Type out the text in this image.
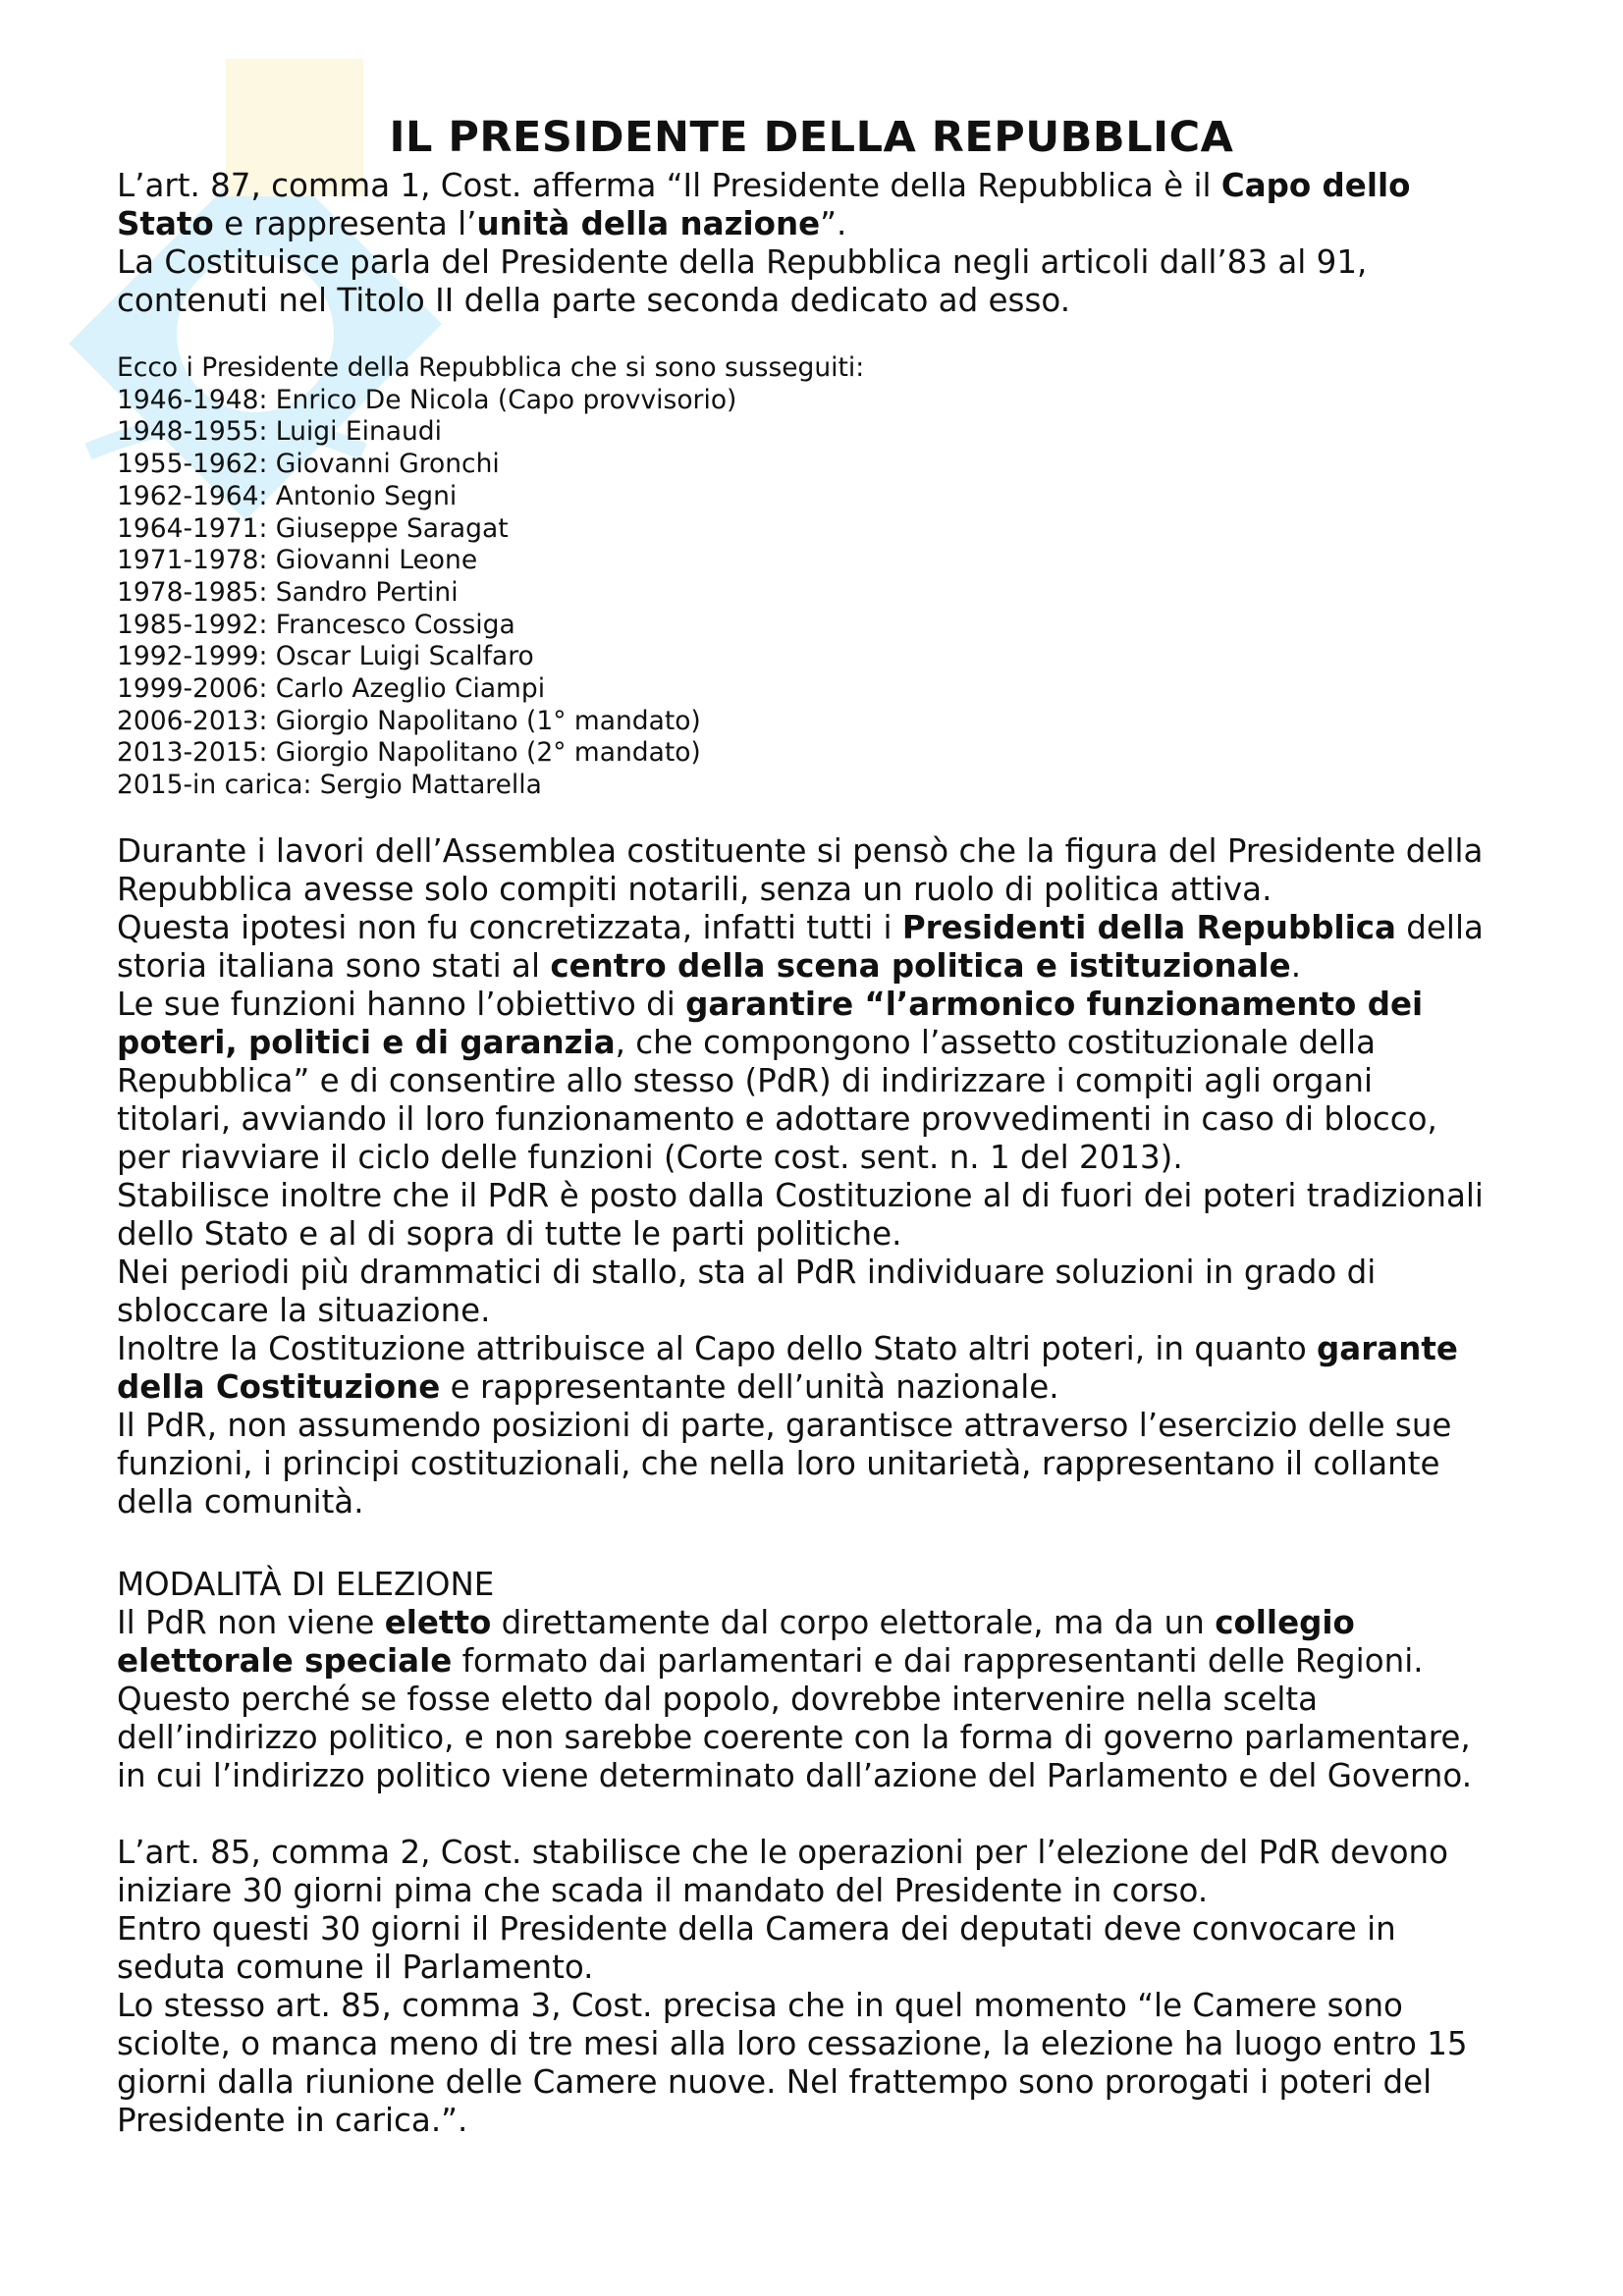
IL PRESIDENTE DELLA REPUBBLICA
L’art. 87, comma 1, Cost. afferma “Il Presidente della Repubblica è il Capo dello
Stato e rappresenta l’unità della nazione”.
La Costituisce parla del Presidente della Repubblica negli articoli dall’83 al 91,
contenuti nel Titolo II della parte seconda dedicato ad esso.
Ecco i Presidente della Repubblica che si sono susseguiti:
1946-1948: Enrico De Nicola (Capo provvisorio)
1948-1955: Luigi Einaudi
1955-1962: Giovanni Gronchi
1962-1964: Antonio Segni
1964-1971: Giuseppe Saragat
1971-1978: Giovanni Leone
1978-1985: Sandro Pertini
1985-1992: Francesco Cossiga
1992-1999: Oscar Luigi Scalfaro
1999-2006: Carlo Azeglio Ciampi
2006-2013: Giorgio Napolitano (1° mandato)
2013-2015: Giorgio Napolitano (2° mandato)
2015-in carica: Sergio Mattarella
Durante i lavori dell’Assemblea costituente si pensò che la figura del Presidente della
Repubblica avesse solo compiti notarili, senza un ruolo di politica attiva.
Questa ipotesi non fu concretizzata, infatti tutti i Presidenti della Repubblica della
storia italiana sono stati al centro della scena politica e istituzionale.
Le sue funzioni hanno l’obiettivo di garantire “l’armonico funzionamento dei
poteri, politici e di garanzia, che compongono l’assetto costituzionale della
Repubblica” e di consentire allo stesso (PdR) di indirizzare i compiti agli organi
titolari, avviando il loro funzionamento e adottare provvedimenti in caso di blocco,
per riavviare il ciclo delle funzioni (Corte cost. sent. n. 1 del 2013).
Stabilisce inoltre che il PdR è posto dalla Costituzione al di fuori dei poteri tradizionali
dello Stato e al di sopra di tutte le parti politiche.
Nei periodi più drammatici di stallo, sta al PdR individuare soluzioni in grado di
sbloccare la situazione.
Inoltre la Costituzione attribuisce al Capo dello Stato altri poteri, in quanto garante
della Costituzione e rappresentante dell’unità nazionale.
Il PdR, non assumendo posizioni di parte, garantisce attraverso l’esercizio delle sue
funzioni, i principi costituzionali, che nella loro unitarietà, rappresentano il collante
della comunità.
MODALITÀ DI ELEZIONE
Il PdR non viene eletto direttamente dal corpo elettorale, ma da un collegio
elettorale speciale formato dai parlamentari e dai rappresentanti delle Regioni.
Questo perché se fosse eletto dal popolo, dovrebbe intervenire nella scelta
dell’indirizzo politico, e non sarebbe coerente con la forma di governo parlamentare,
in cui l’indirizzo politico viene determinato dall’azione del Parlamento e del Governo.
L’art. 85, comma 2, Cost. stabilisce che le operazioni per l’elezione del PdR devono
iniziare 30 giorni pima che scada il mandato del Presidente in corso.
Entro questi 30 giorni il Presidente della Camera dei deputati deve convocare in
seduta comune il Parlamento.
Lo stesso art. 85, comma 3, Cost. precisa che in quel momento “le Camere sono
sciolte, o manca meno di tre mesi alla loro cessazione, la elezione ha luogo entro 15
giorni dalla riunione delle Camere nuove. Nel frattempo sono prorogati i poteri del
Presidente in carica.”.
